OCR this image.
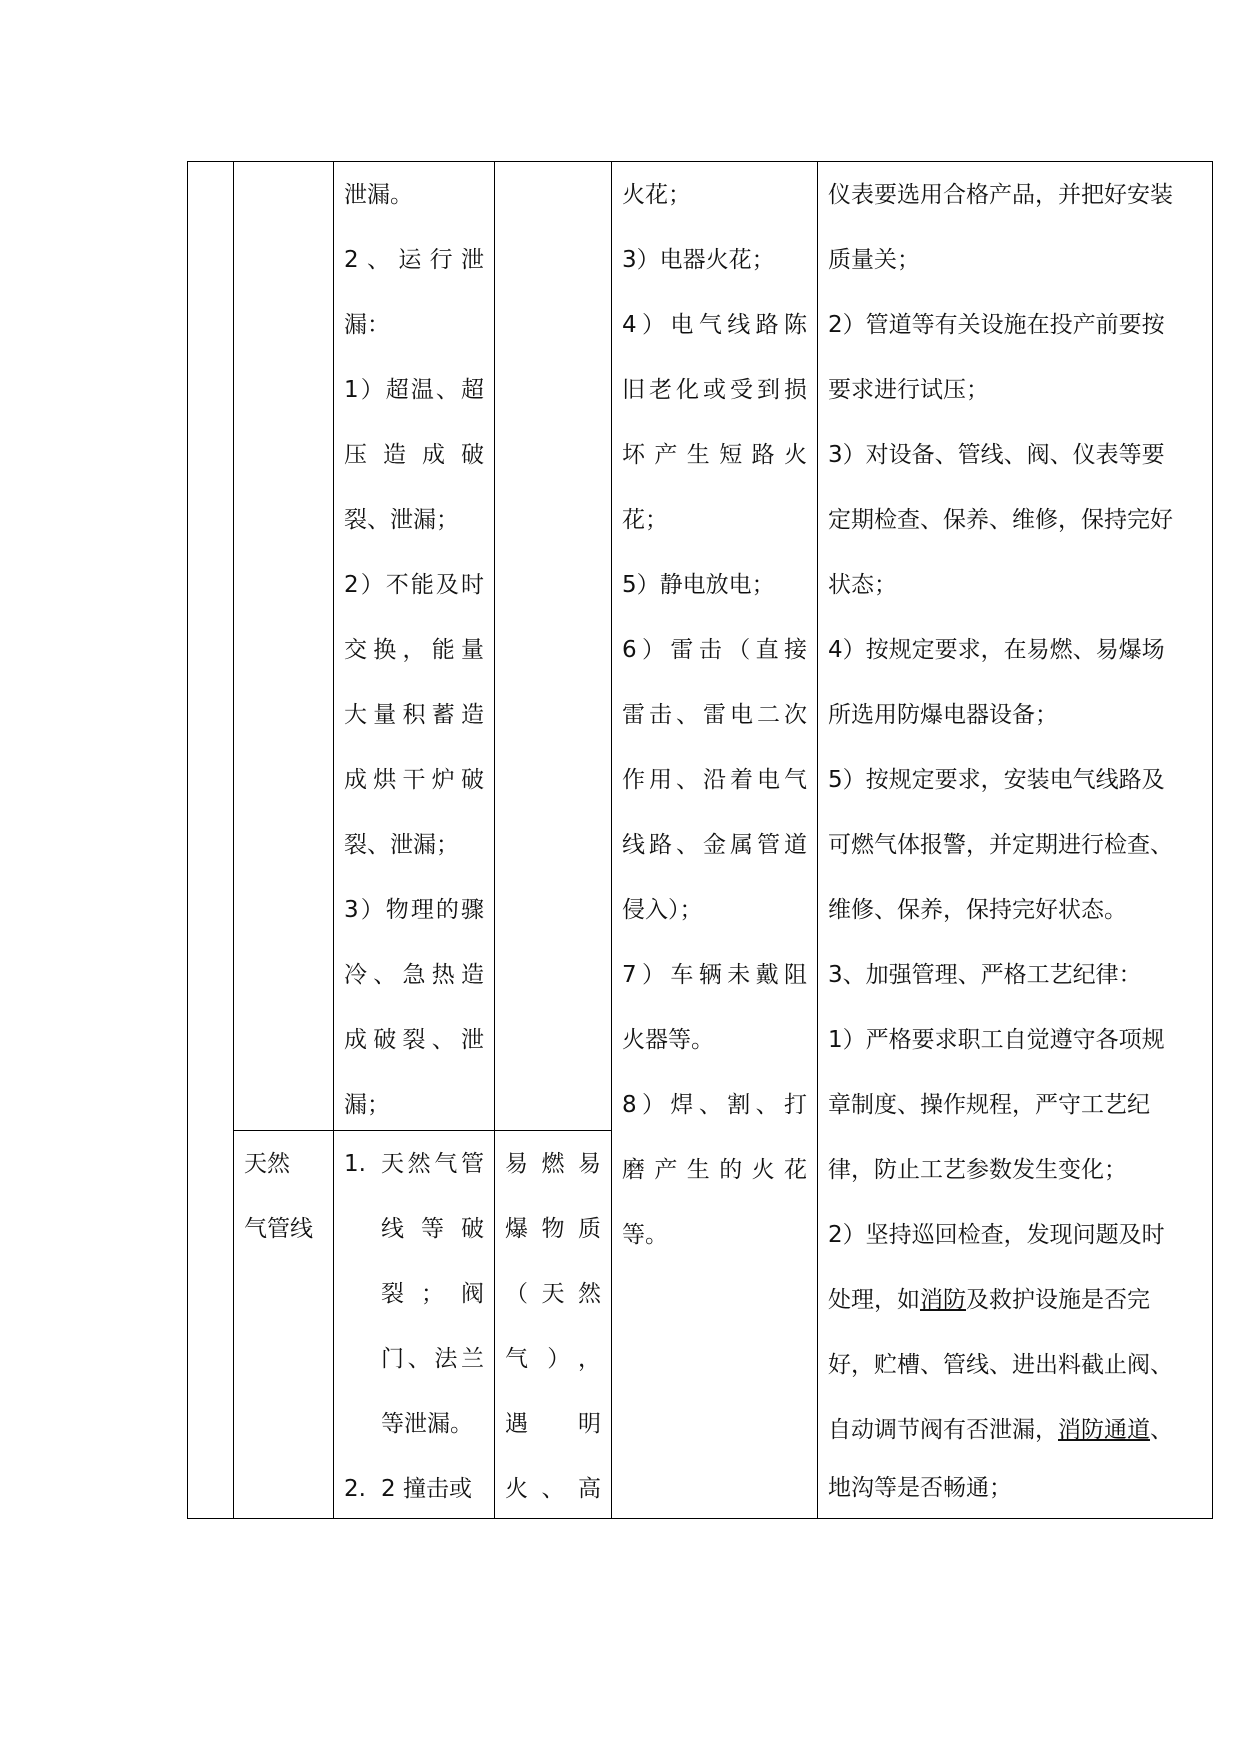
泄漏。
2、运行泄
漏：
1）超温、超
压造成破
裂、泄漏；
2）不能及时
交换，能量
大量积蓄造
成烘干炉破
裂、泄漏；
3）物理的骤
冷、急热造
成破裂、泄
漏；
天然
气管线
1. 天然气管
线等破
裂；阀
门、法兰
等泄漏。
2. 2 撞击或
易燃易
爆物质
（天然
气），
遇 明
火、高
火花；
3）电器火花；
4）电气线路陈
旧老化或受到损
坏产生短路火
花；
5）静电放电；
6）雷击（直接
雷击、雷电二次
作用、沿着电气
线路、金属管道
侵入）；
7）车辆未戴阻
火器等。
8）焊、割、打
磨产生的火花
等。
仪表要选用合格产品，并把好安装
质量关；
2）管道等有关设施在投产前要按
要求进行试压；
3）对设备、管线、阀、仪表等要
定期检查、保养、维修，保持完好
状态；
4）按规定要求，在易燃、易爆场
所选用防爆电器设备；
5）按规定要求，安装电气线路及
可燃气体报警，并定期进行检查、
维修、保养，保持完好状态。
3、加强管理、严格工艺纪律：
1）严格要求职工自觉遵守各项规
章制度、操作规程，严守工艺纪
律，防止工艺参数发生变化；
2）坚持巡回检查，发现问题及时
处理，如消防及救护设施是否完
好，贮槽、管线、进出料截止阀、
自动调节阀有否泄漏，消防通道、
地沟等是否畅通；
